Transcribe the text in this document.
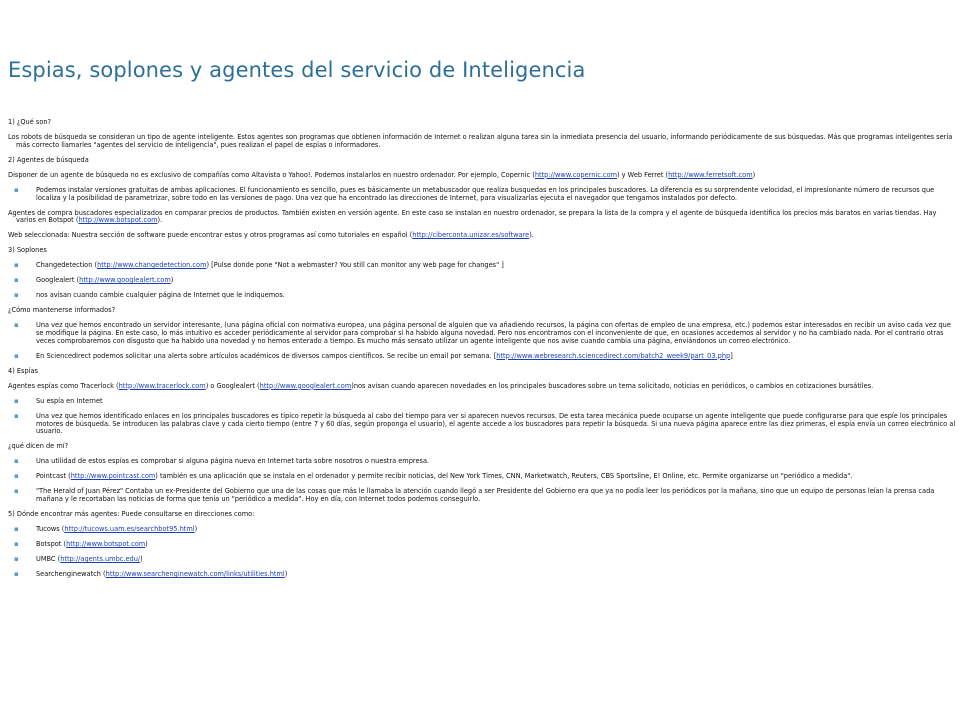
Espias, soplones y agentes del servicio de Inteligencia
1) ¿Qué son?
Los robots de búsqueda se consideran un tipo de agente inteligente. Estos agentes son programas que obtienen información de Internet o realizan alguna tarea sin la inmediata presencia del usuario, informando periódicamente de sus búsquedas. Más que programas inteligentes sería más correcto llamarles "agentes del servicio de inteligencia", pues realizan el papel de espías o informadores.
2) Agentes de búsqueda
Disponer de un agente de búsqueda no es exclusivo de compañías como Altavista o Yahoo!. Podemos instalarlos en nuestro ordenador. Por ejemplo, Copernic (http://www.copernic.com) y Web Ferret (http://www.ferretsoft.com)
▪	Podemos instalar versiones gratuitas de ambas aplicaciones. El funcionamiento es sencillo, pues es básicamente un metabuscador que realiza busquedas en los principales buscadores. La diferencia es su sorprendente velocidad, el impresionante número de recursos que localiza y la posibilidad de parametrizar, sobre todo en las versiones de pago. Una vez que ha encontrado las direcciones de Internet, para visualizarlas ejecuta el navegador que tengamos instalados por defecto.
Agentes de compra buscadores especializados en comparar precios de productos. También existen en versión agente. En este caso se instalan en nuestro ordenador, se prepara la lista de la compra y el agente de búsqueda identifica los precios más baratos en varias tiendas. Hay varios en Botspot (http://www.botspot.com).
Web seleccionada: Nuestra sección de software puede encontrar estos y otros programas así como tutoriales en español (http://ciberconta.unizar.es/software).
3) Soplones
▪	Changedetection (http://www.changedetection.com) [Pulse donde pone "Not a webmaster? You still can monitor any web page for changes" ]
▪	Googlealert (http://www.googlealert.com)
▪	nos avisan cuando cambie cualquier página de Internet que le indiquemos.
¿Cómo mantenerse informados?
▪	Una vez que hemos encontrado un servidor interesante, (una página oficial con normativa europea, una página personal de alguien que va añadiendo recursos, la página con ofertas de empleo de una empresa, etc.) podemos estar interesados en recibir un aviso cada vez que se modifique la página. En este caso, lo más intuitivo es acceder periódicamente al servidor para comprobar si ha habido alguna novedad. Pero nos encontramos con el inconveniente de que, en ocasiones accedemos al servidor y no ha cambiado nada. Por el contrario otras veces comprobaremos con disgusto que ha habido una novedad y no hemos enterado a tiempo. Es mucho más sensato utilizar un agente inteligente que nos avise cuando cambia una página, enviándonos un correo electrónico.
▪	En Sciencedirect podemos solicitar una alerta sobre artículos académicos de diversos campos científicos. Se recibe un email por semana. [http://www.webresearch.sciencedirect.com/batch2_week9/part_03.php]
4) Espías
Agentes espías como Tracerlock (http://www.tracerlock.com) o Googlealert (http://www.googlealert.com)nos avisan cuando aparecen novedades en los principales buscadores sobre un tema solicitado, noticias en periódicos, o cambios en cotizaciones bursátiles.
▪	Su espía en Internet
▪	Una vez que hemos identificado enlaces en los principales buscadores es típico repetir la búsqueda al cabo del tiempo para ver si aparecen nuevos recursos. De esta tarea mecánica puede ocuparse un agente inteligente que puede configurarse para que espíe los principales motores de búsqueda. Se introducen las palabras clave y cada cierto tiempo (entre 7 y 60 días, según proponga el usuario), el agente accede a los buscadores para repetir la búsqueda. Si una nueva página aparece entre las diez primeras, el espía envía un correo electrónico al usuario.
¿qué dicen de mí?
▪	Una utilidad de estos espías es comprobar si alguna página nueva en Internet tarta sobre nosotros o nuestra empresa.
▪	Pointcast (http://www.pointcast.com) también es una aplicación que se instala en el ordenador y permite recibir noticias, del New York Times, CNN, Marketwatch, Reuters, CBS Sportsline, E! Online, etc. Permite organizarse un "periódico a medida".
▪	"The Herald of Juan Pérez" Contaba un ex-Presidente del Gobierno que una de las cosas que más le llamaba la atención cuando llegó a ser Presidente del Gobierno era que ya no podía leer los periódicos por la mañana, sino que un equipo de personas leían la prensa cada mañana y le recortaban las noticias de forma que tenía un "periódico a medida". Hoy en día, con Internet todos podemos conseguirlo.
5) Dónde encontrar más agentes: Puede consultarse en direcciones como:
▪	Tucows (http://tucows.uam.es/searchbot95.html)
▪	Botspot (http://www.botspot.com)
▪	UMBC (http://agents.umbc.edu/)
▪	Searchenginewatch (http://www.searchenginewatch.com/links/utilities.html)
